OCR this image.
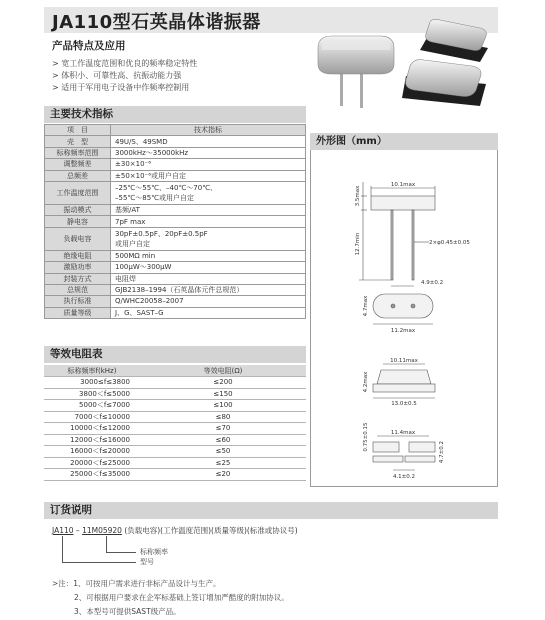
JA110型石英晶体谐振器
产品特点及应用
> 宽工作温度范围和优良的频率稳定特性
> 体积小、可靠性高、抗振动能力强
> 适用于军用电子设备中作频率控制用
主要技术指标
项　目	技术指标
壳　型	49U/S、49SMD
标称频率范围	3000kHz～35000kHz
调整频差	±30×10⁻⁶
总频差	±50×10⁻⁶或用户自定
工作温度范围	–25℃～55℃、–40℃～70℃、
–55℃～85℃或用户自定

振动模式	基频/AT
静电容	7pF max
负载电容	30pF±0.5pF、20pF±0.5pF
或用户自定

绝缘电阻	500MΩ min
激励功率	100μW～300μW
封装方式	电阻焊
总规范	GJB2138–1994（石英晶体元件总规范）
执行标准	Q/WHC20058–2007
质量等级	J、G、SAST–G
等效电阻表
标称频率f(kHz)	等效电阻(Ω)
3000≤f≤3800	≤200
3800＜f≤5000	≤150
5000＜f≤7000	≤100
7000＜f≤10000	≤80
10000＜f≤12000	≤70
12000＜f≤16000	≤60
16000＜f≤20000	≤50
20000＜f≤25000	≤25
25000＜f≤35000	≤20
外形图（mm）
10.1max
3.5max
12.7min	2×φ0.45±0.05
4.9±0.2
4.7max
11.2max
10.11max
4.2max
13.0±0.5
11.4max
0.75±0.15
4.7±0.2
4.1±0.2
订货说明
JA110 – 11M05920 (负载电容)(工作温度范围)(质量等级)(标准或协议号)
标称频率
型号
>注：1、可按用户需求进行非标产品设计与生产。
2、可根据用户要求在企军标基础上签订增加严酷度的附加协议。
3、本型号可提供SAST级产品。
